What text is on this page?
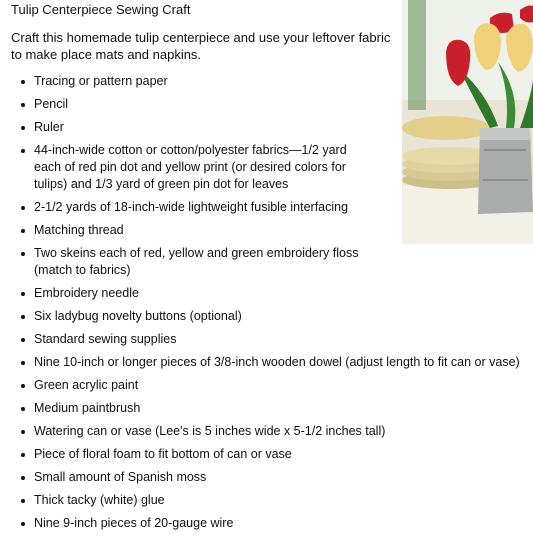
Tulip Centerpiece Sewing Craft
Craft this homemade tulip centerpiece and use your leftover fabric to make place mats and napkins.
Tracing or pattern paper
Pencil
Ruler
44-inch-wide cotton or cotton/polyester fabrics—1/2 yard each of red pin dot and yellow print (or desired colors for tulips) and 1/3 yard of green pin dot for leaves
2-1/2 yards of 18-inch-wide lightweight fusible interfacing
Matching thread
Two skeins each of red, yellow and green embroidery floss (match to fabrics)
Embroidery needle
Six ladybug novelty buttons (optional)
Standard sewing supplies
Nine 10-inch or longer pieces of 3/8-inch wooden dowel (adjust length to fit can or vase)
Green acrylic paint
Medium paintbrush
Watering can or vase (Lee's is 5 inches wide x 5-1/2 inches tall)
Piece of floral foam to fit bottom of can or vase
Small amount of Spanish moss
Thick tacky (white) glue
Nine 9-inch pieces of 20-gauge wire
